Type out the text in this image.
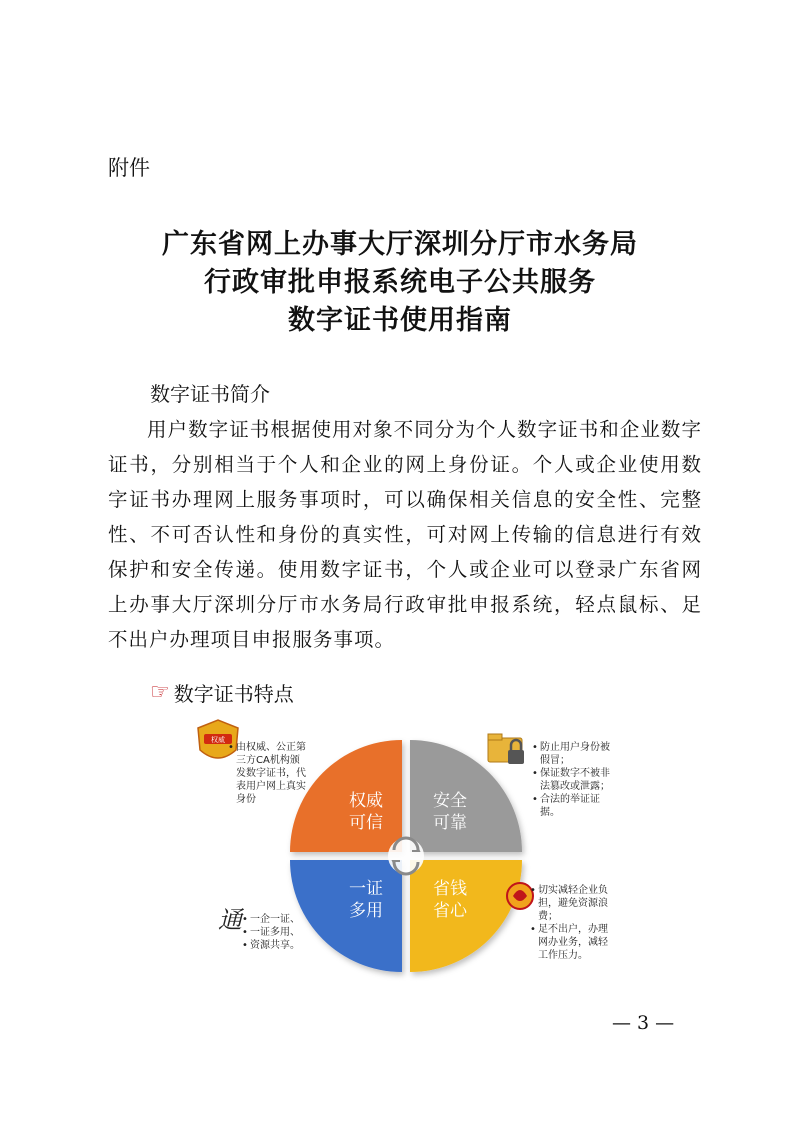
附件
广东省网上办事大厅深圳分厅市水务局
行政审批申报系统电子公共服务
数字证书使用指南
数字证书简介
用户数字证书根据使用对象不同分为个人数字证书和企业数字证书，分别相当于个人和企业的网上身份证。个人或企业使用数字证书办理网上服务事项时，可以确保相关信息的安全性、完整性、不可否认性和身份的真实性，可对网上传输的信息进行有效保护和安全传递。使用数字证书，个人或企业可以登录广东省网上办事大厅深圳分厅市水务局行政审批申报系统，轻点鼠标、足不出户办理项目申报服务事项。
☞ 数字证书特点
权威
权威
可信
安全
可靠
一证
多用
省钱
省心
通
• 由权威、公正第三方CA机构颁发数字证书，代表用户网上真实身份
• 防止用户身份被假冒；
• 保证数字不被非法篡改或泄露；
• 合法的举证证据。
• 切实减轻企业负担，避免资源浪费；
• 足不出户，办理网办业务，减轻工作压力。
• 一企一证、
• 一证多用、
• 资源共享。
— 3 —
